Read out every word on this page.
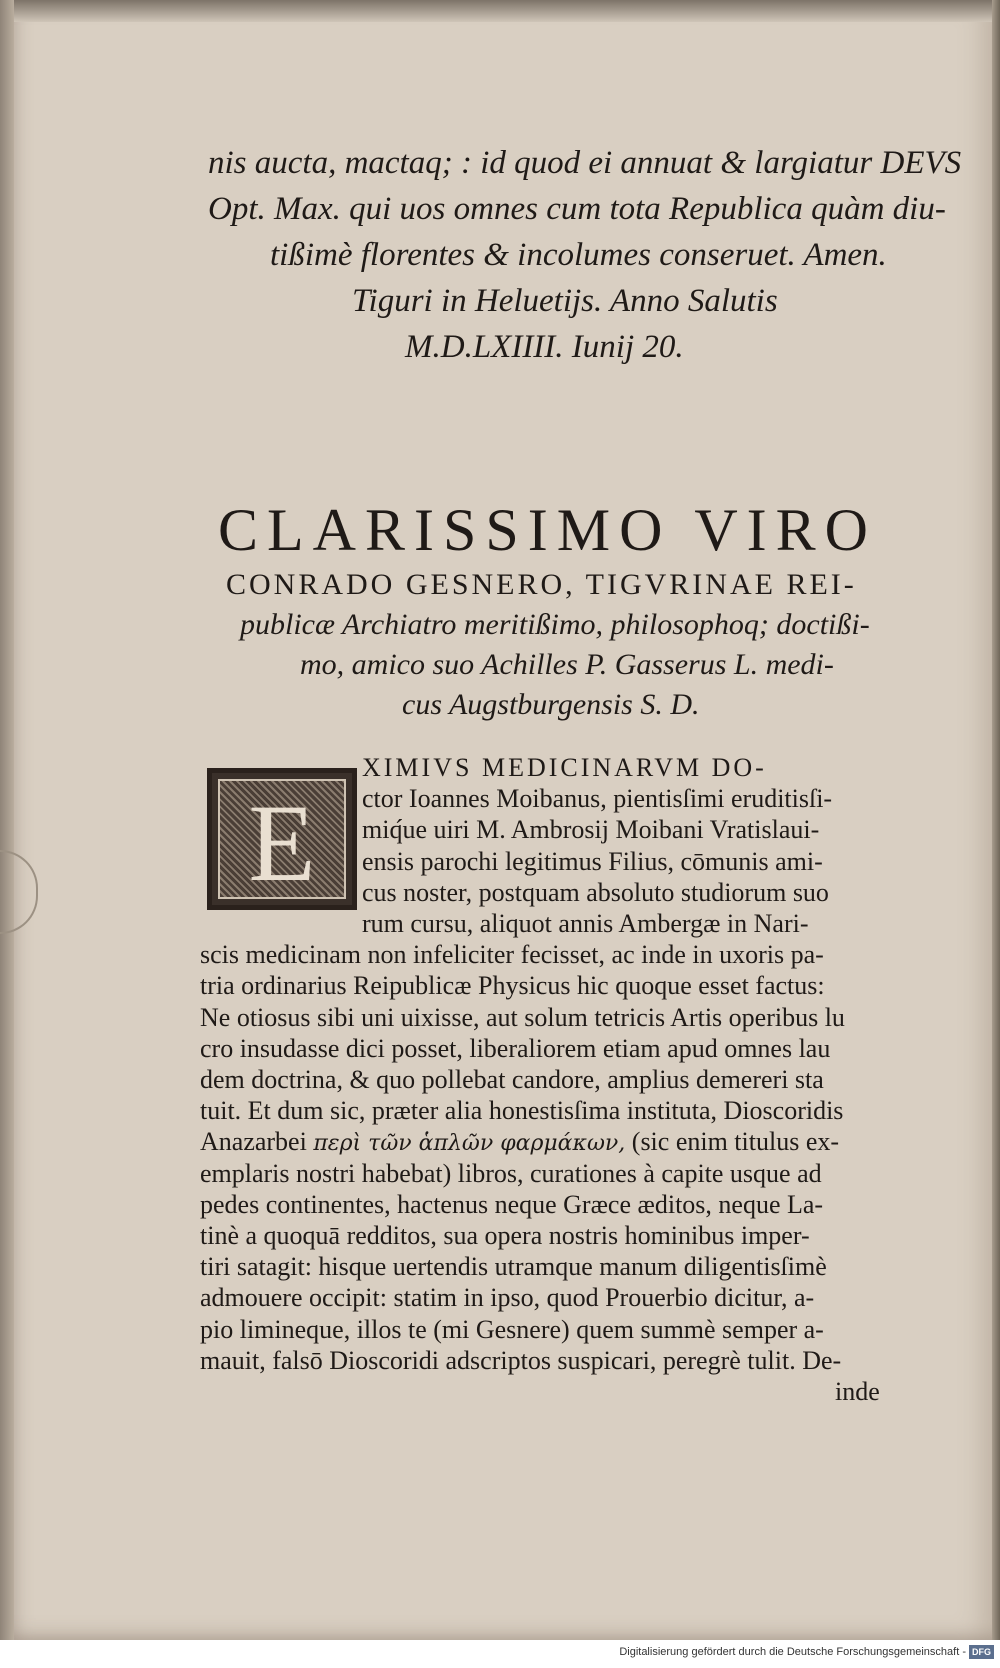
nis aucta, mactaq; : id quod ei annuat & largiatur DEVS
Opt. Max. qui uos omnes cum tota Republica quàm diu-
tißimè florentes & incolumes conseruet. Amen.
Tiguri in Heluetijs. Anno Salutis
M.D.LXIIII. Iunij 20.
CLARISSIMO VIRO
CONRADO GESNERO, TIGVRINAE REI-
publicæ Archiatro meritißimo, philosophoq; doctißi-
mo, amico suo Achilles P. Gasserus L. medi-
cus Augstburgensis S. D.
E
XIMIVS MEDICINARVM DO-
ctor Ioannes Moibanus, pientisſimi eruditisſi-
miq́ue uiri M. Ambrosij Moibani Vratislaui-
ensis parochi legitimus Filius, cōmunis ami-
cus noster, postquam absoluto studiorum suo
rum cursu, aliquot annis Ambergæ in Nari-
scis medicinam non infeliciter fecisset, ac inde in uxoris pa-
tria ordinarius Reipublicæ Physicus hic quoque esset factus:
Ne otiosus sibi uni uixisse, aut solum tetricis Artis operibus lu
cro insudasse dici posset, liberaliorem etiam apud omnes lau
dem doctrina, & quo pollebat candore, amplius demereri sta
tuit. Et dum sic, præter alia honestisſima instituta, Dioscoridis
Anazarbei περὶ τῶν ἁπλῶν φαρμάκων, (sic enim titulus ex-
emplaris nostri habebat) libros, curationes à capite usque ad
pedes continentes, hactenus neque Græce æditos, neque La-
tinè a quoquā redditos, sua opera nostris hominibus imper-
tiri satagit: hisque uertendis utramque manum diligentisſimè
admouere occipit: statim in ipso, quod Prouerbio dicitur, a-
pio limineque, illos te (mi Gesnere) quem summè semper a-
mauit, falsō Dioscoridi adscriptos suspicari, peregrè tulit. De-
inde
Digitalisierung gefördert durch die Deutsche Forschungsgemeinschaft - DFG
